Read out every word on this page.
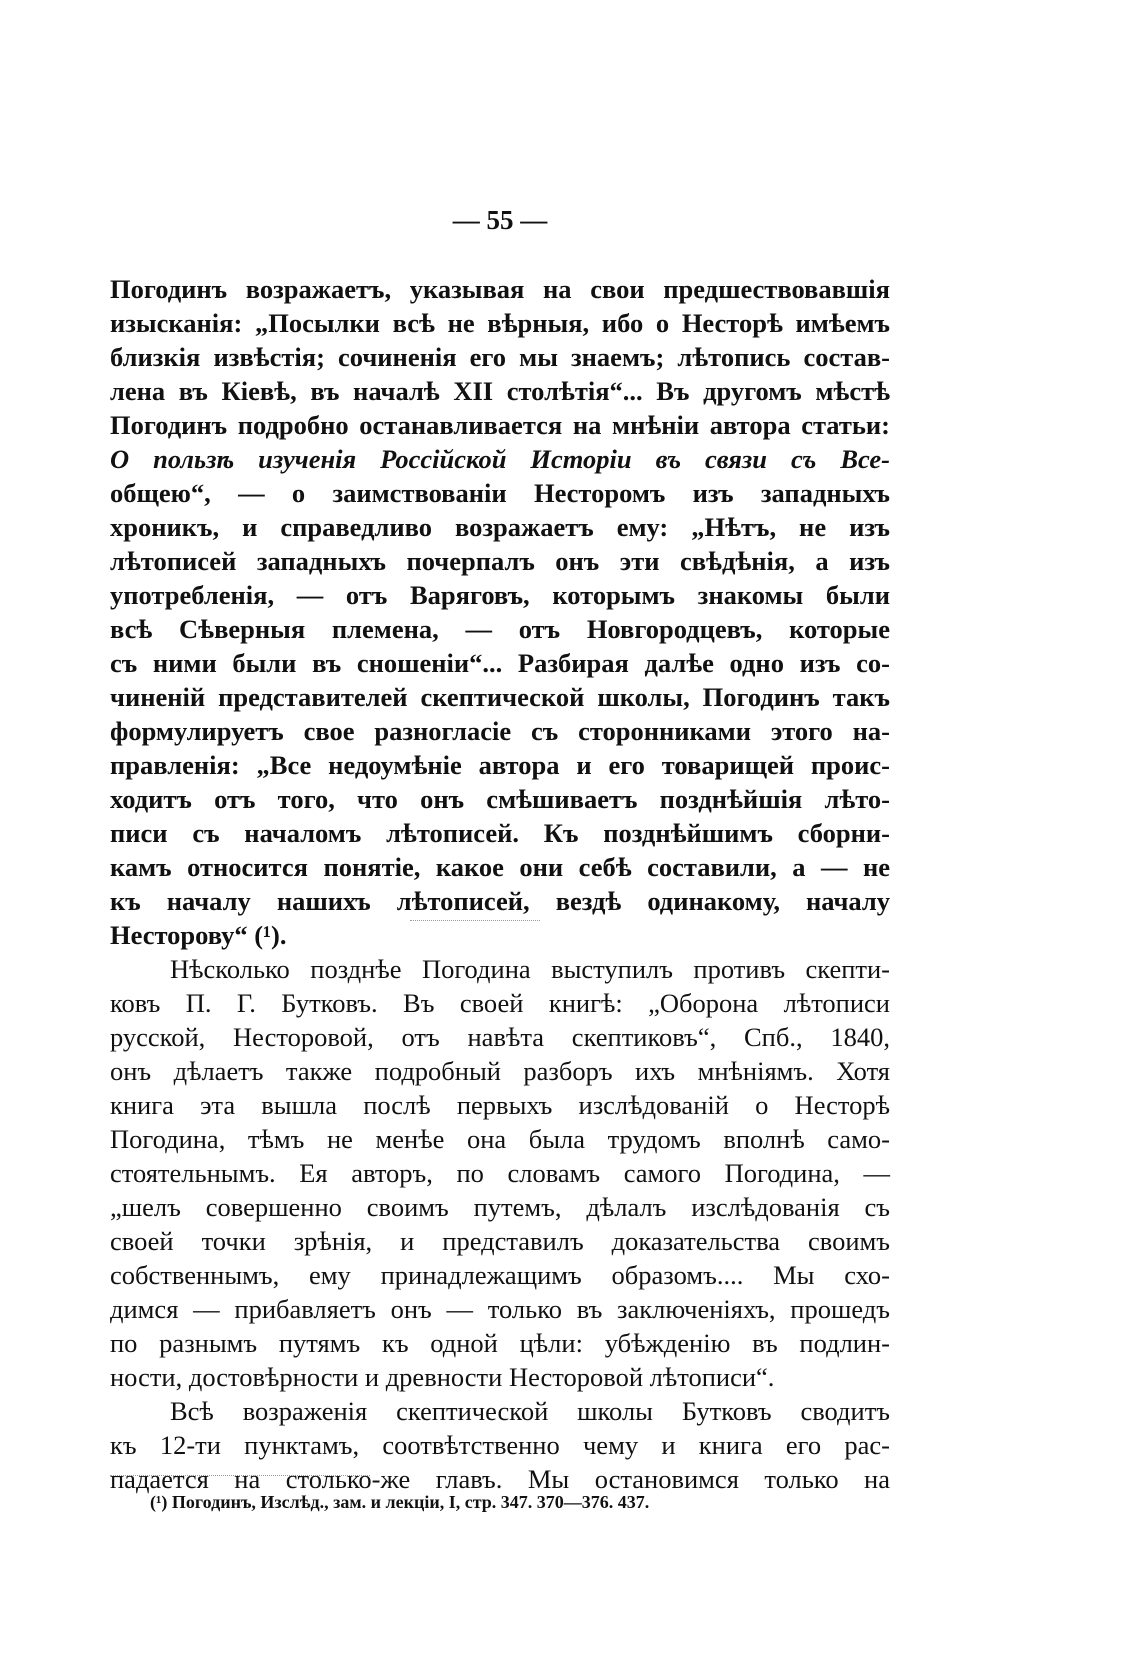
— 55 —
Погодинъ возражаетъ, указывая на свои предшествовавшія
изысканія: „Посылки всѣ не вѣрныя, ибо о Несторѣ имѣемъ
близкія извѣстія; сочиненія его мы знаемъ; лѣтопись состав-
лена въ Кіевѣ, въ началѣ XII столѣтія“... Въ другомъ мѣстѣ
Погодинъ подробно останавливается на мнѣніи автора статьи:
О пользѣ изученія Россійской Исторіи въ связи съ Все-
общею“, — о заимствованіи Несторомъ изъ западныхъ
хроникъ, и справедливо возражаетъ ему: „Нѣтъ, не изъ
лѣтописей западныхъ почерпалъ онъ эти свѣдѣнія, а изъ
употребленія, — отъ Варяговъ, которымъ знакомы были
всѣ Сѣверныя племена, — отъ Новгородцевъ, которые
съ ними были въ сношеніи“... Разбирая далѣе одно изъ со-
чиненій представителей скептической школы, Погодинъ такъ
формулируетъ свое разногласіе съ сторонниками этого на-
правленія: „Все недоумѣніе автора и его товарищей проис-
ходитъ отъ того, что онъ смѣшиваетъ позднѣйшія лѣто-
писи съ началомъ лѣтописей. Къ позднѣйшимъ сборни-
камъ относится понятіе, какое они себѣ составили, а — не
къ началу нашихъ лѣтописей, вездѣ одинакому, началу
Несторову“ (¹).
Нѣсколько позднѣе Погодина выступилъ противъ скепти-
ковъ П. Г. Бутковъ. Въ своей книгѣ: „Оборона лѣтописи
русской, Несторовой, отъ навѣта скептиковъ“, Спб., 1840,
онъ дѣлаетъ также подробный разборъ ихъ мнѣніямъ. Хотя
книга эта вышла послѣ первыхъ изслѣдованій о Несторѣ
Погодина, тѣмъ не менѣе она была трудомъ вполнѣ само-
стоятельнымъ. Ея авторъ, по словамъ самого Погодина, —
„шелъ совершенно своимъ путемъ, дѣлалъ изслѣдованія съ
своей точки зрѣнія, и представилъ доказательства своимъ
собственнымъ, ему принадлежащимъ образомъ.... Мы схо-
димся — прибавляетъ онъ — только въ заключеніяхъ, прошедъ
по разнымъ путямъ къ одной цѣли: убѣжденію въ подлин-
ности, достовѣрности и древности Несторовой лѣтописи“.
Всѣ возраженія скептической школы Бутковъ сводитъ
къ 12-ти пунктамъ, соотвѣтственно чему и книга его рас-
падается на столько-же главъ. Мы остановимся только на
(¹) Погодинъ, Изслѣд., зам. и лекціи, I, стр. 347. 370—376. 437.
